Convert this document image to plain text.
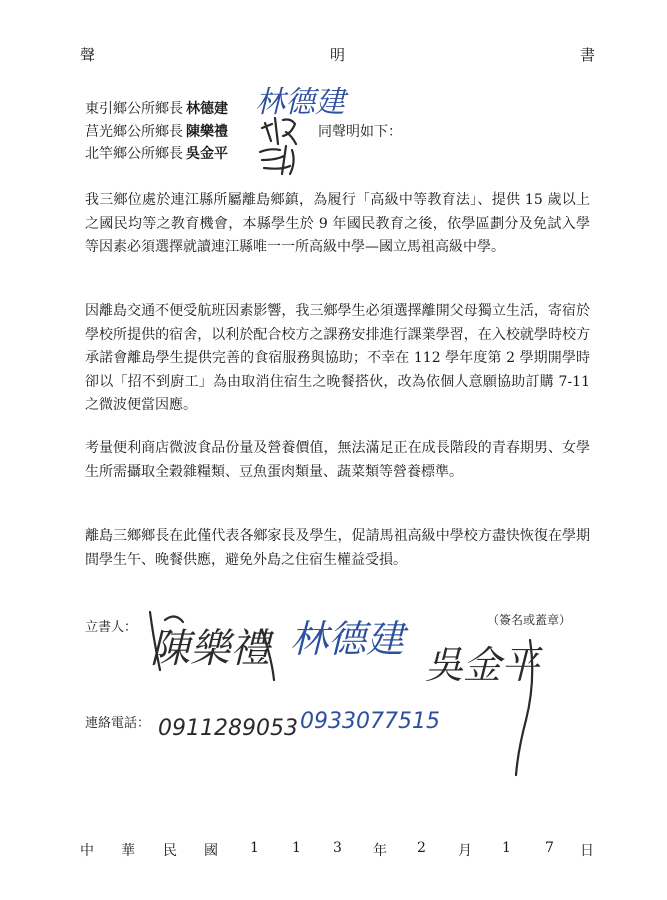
聲	明	書
東引鄉公所鄉長 林德建
莒光鄉公所鄉長 陳樂禮	同聲明如下：
北竿鄉公所鄉長 吳金平
我三鄉位處於連江縣所屬離島鄉鎮，為履行「高級中等教育法」、提供 15 歲以上之國民均等之教育機會，本縣學生於 9 年國民教育之後，依學區劃分及免試入學等因素必須選擇就讀連江縣唯一一所高級中學—國立馬祖高級中學。
因離島交通不便受航班因素影響，我三鄉學生必須選擇離開父母獨立生活，寄宿於學校所提供的宿舍，以利於配合校方之課務安排進行課業學習，在入校就學時校方承諾會離島學生提供完善的食宿服務與協助；不幸在 112 學年度第 2 學期開學時卻以「招不到廚工」為由取消住宿生之晚餐搭伙，改為依個人意願協助訂購 7-11 之微波便當因應。
考量便利商店微波食品份量及營養價值，無法滿足正在成長階段的青春期男、女學生所需攝取全穀雜糧類、豆魚蛋肉類量、蔬菜類等營養標準。
離島三鄉鄉長在此僅代表各鄉家長及學生，促請馬祖高級中學校方盡快恢復在學期間學生午、晚餐供應，避免外島之住宿生權益受損。
立書人：	（簽名或蓋章）
連絡電話：
林德建
陳樂禮 林德建
吳金平
0911289053 0933077515
中 華 民 國 1 1 3 年 2 月 1 7 日
